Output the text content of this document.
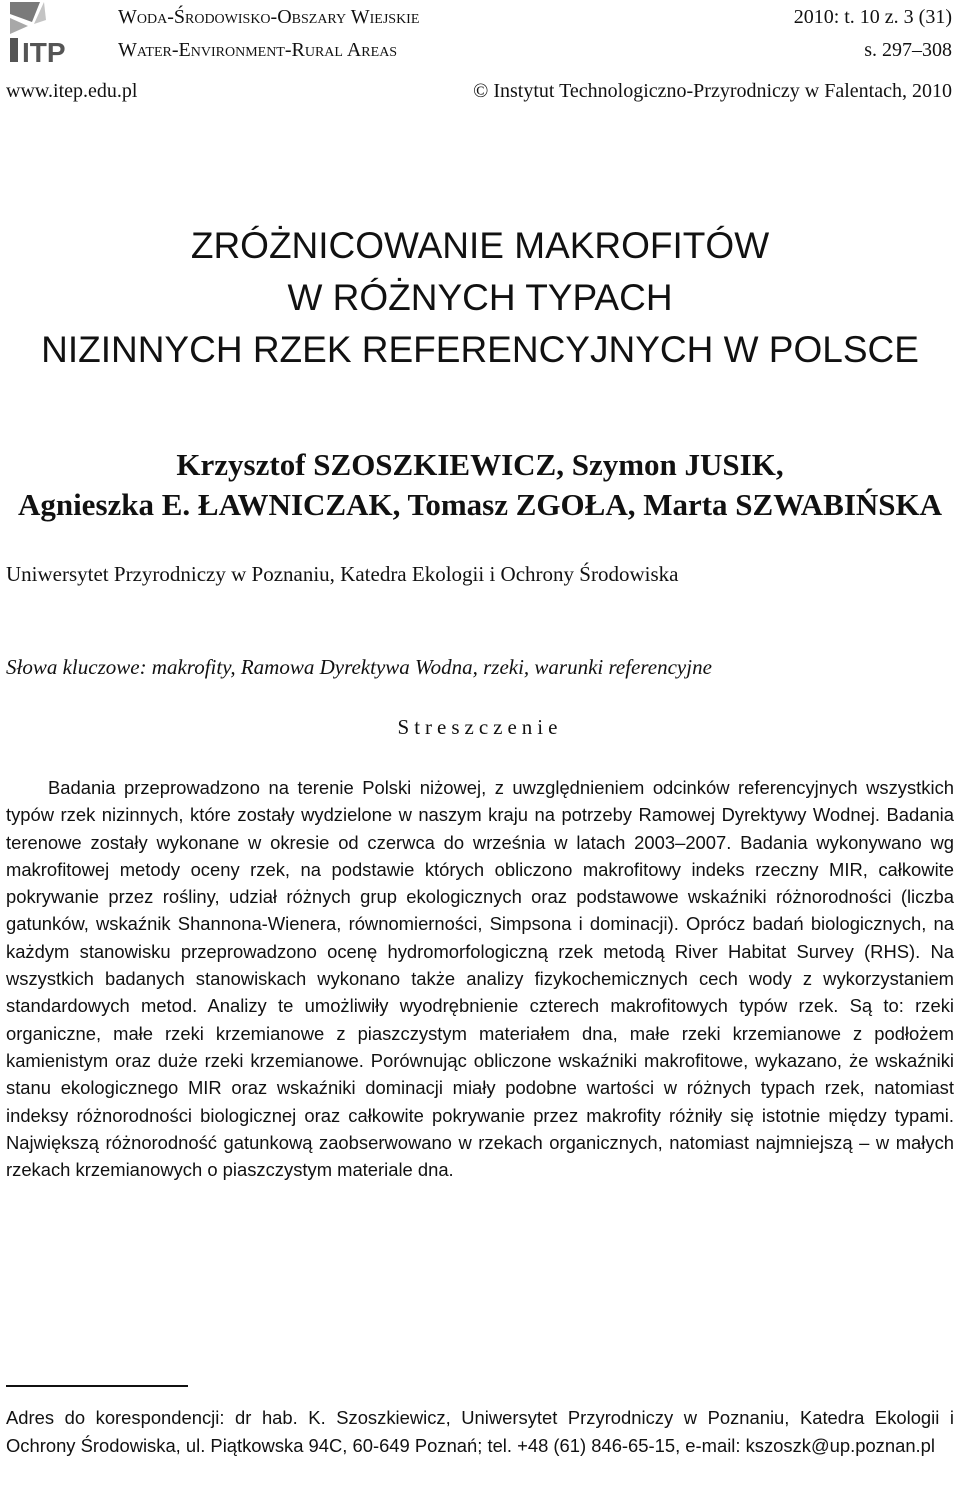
ITP
Woda-Środowisko-Obszary Wiejskie	2010: t. 10 z. 3 (31)
Water-Environment-Rural Areas	s. 297–308
www.itep.edu.pl	© Instytut Technologiczno-Przyrodniczy w Falentach, 2010
ZRÓŻNICOWANIE MAKROFITÓW
W RÓŻNYCH TYPACH
NIZINNYCH RZEK REFERENCYJNYCH W POLSCE
Krzysztof SZOSZKIEWICZ, Szymon JUSIK,
Agnieszka E. ŁAWNICZAK, Tomasz ZGOŁA, Marta SZWABIŃSKA
Uniwersytet Przyrodniczy w Poznaniu, Katedra Ekologii i Ochrony Środowiska
Słowa kluczowe: makrofity, Ramowa Dyrektywa Wodna, rzeki, warunki referencyjne
Streszczenie

Badania przeprowadzono na terenie Polski niżowej, z uwzględnieniem odcinków referencyjnych wszystkich typów rzek nizinnych, które zostały wydzielone w naszym kraju na potrzeby Ramowej Dyrektywy Wodnej. Badania terenowe zostały wykonane w okresie od czerwca do września w latach 2003–2007. Badania wykonywano wg makrofitowej metody oceny rzek, na podstawie których obliczono makrofitowy indeks rzeczny MIR, całkowite pokrywanie przez rośliny, udział różnych grup ekologicznych oraz podstawowe wskaźniki różnorodności (liczba gatunków, wskaźnik Shannona-Wienera, równomierności, Simpsona i dominacji). Oprócz badań biologicznych, na każdym stanowisku przeprowadzono ocenę hydromorfologiczną rzek metodą River Habitat Survey (RHS). Na wszystkich badanych stanowiskach wykonano także analizy fizykochemicznych cech wody z wykorzystaniem standardowych metod. Analizy te umożliwiły wyodrębnienie czterech makrofitowych typów rzek. Są to: rzeki organiczne, małe rzeki krzemianowe z piaszczystym materiałem dna, małe rzeki krzemianowe z podłożem kamienistym oraz duże rzeki krzemianowe. Porównując obliczone wskaźniki makrofitowe, wykazano, że wskaźniki stanu ekologicznego MIR oraz wskaźniki dominacji miały podobne wartości w różnych typach rzek, natomiast indeksy różnorodności biologicznej oraz całkowite pokrywanie przez makrofity różniły się istotnie między typami. Największą różnorodność gatunkową zaobserwowano w rzekach organicznych, natomiast najmniejszą – w małych rzekach krzemianowych o piaszczystym materiale dna.

Adres do korespondencji: dr hab. K. Szoszkiewicz, Uniwersytet Przyrodniczy w Poznaniu, Katedra Ekologii i Ochrony Środowiska, ul. Piątkowska 94C, 60-649 Poznań; tel. +48 (61) 846-65-15, e-mail: kszoszk@up.poznan.pl
